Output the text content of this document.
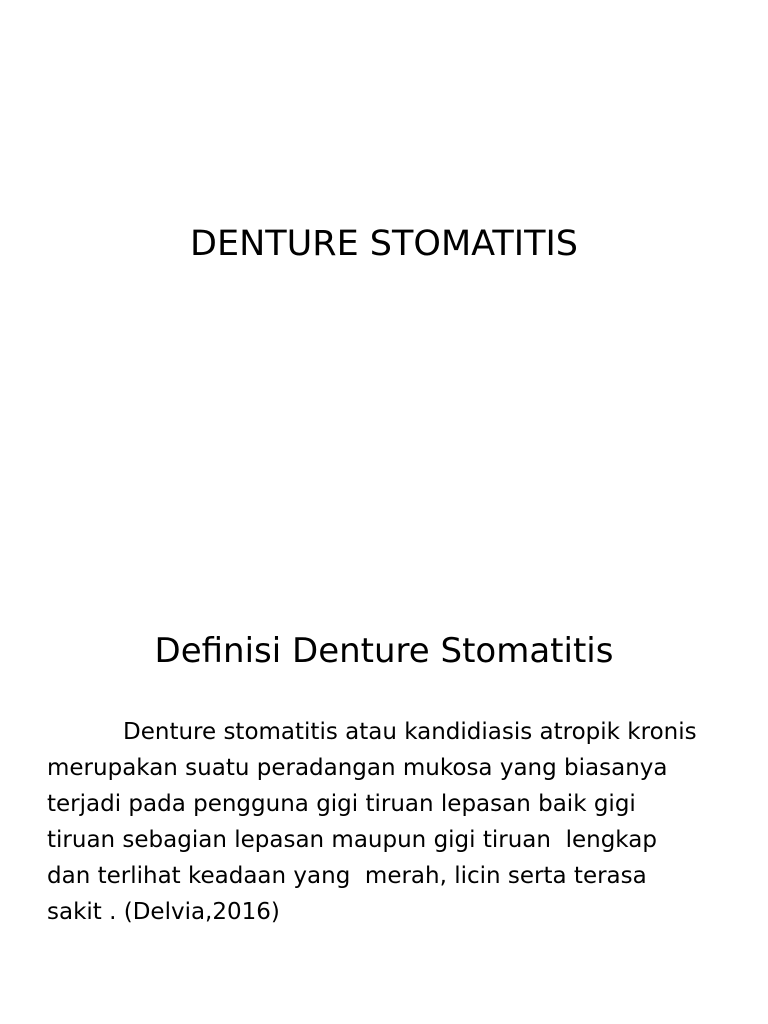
DENTURE STOMATITIS
Definisi Denture Stomatitis

Denture stomatitis atau kandidiasis atropik kronis
merupakan suatu peradangan mukosa yang biasanya
terjadi pada pengguna gigi tiruan lepasan baik gigi
tiruan sebagian lepasan maupun gigi tiruan  lengkap
dan terlihat keadaan yang  merah, licin serta terasa
sakit . (Delvia,2016)
